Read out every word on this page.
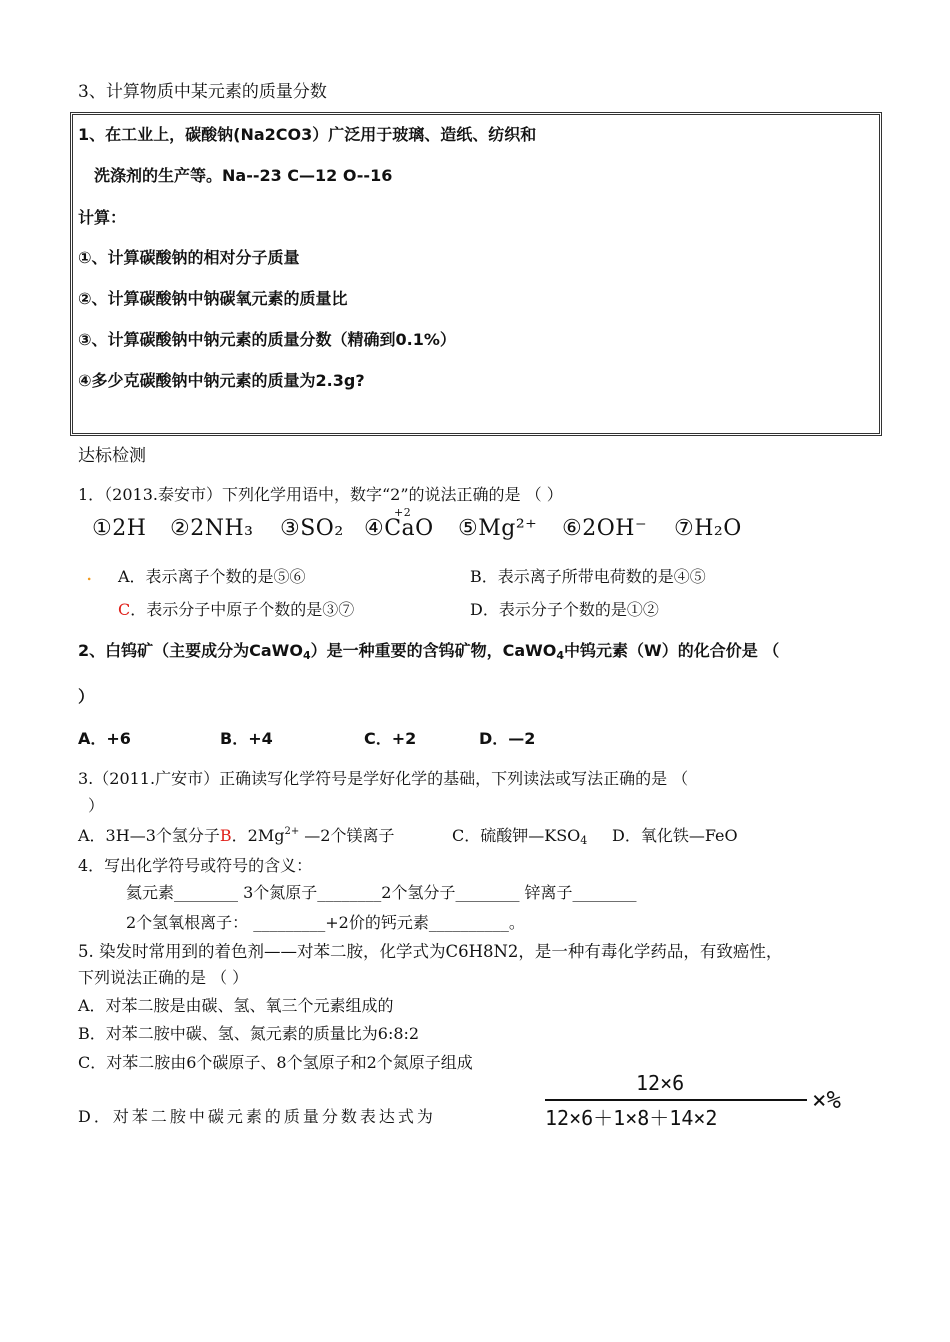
3、计算物质中某元素的质量分数
1、在工业上，碳酸钠(Na2CO3）广泛用于玻璃、造纸、纺织和
洗涤剂的生产等。Na--23 C—12 O--16
计算：
①、计算碳酸钠的相对分子质量
②、计算碳酸钠中钠碳氧元素的质量比
③、计算碳酸钠中钠元素的质量分数（精确到0.1%）
④多少克碳酸钠中钠元素的质量为2.3g?
达标检测
1．（2013.泰安市）下列化学用语中，数字“2”的说法正确的是 （ ）
①2H ②2NH₃ ③SO₂ ④CaO
+2
⑤Mg²⁺ ⑥2OH⁻ ⑦H₂O
. A．表示离子个数的是⑤⑥	B．表示离子所带电荷数的是④⑤
C．表示分子中原子个数的是③⑦	D．表示分子个数的是①②
2、白钨矿（主要成分为CaWO$_4$）是一种重要的含钨矿物，CaWO$_4$中钨元素（W）的化合价是 （
）
A．+6	B．+4	C．+2	D．—2
3.（2011.广安市）正确读写化学符号是学好化学的基础，下列读法或写法正确的是 （
）
A．3H—3个氢分子B．$2Mg^{2+}$ —2个镁离子	C．硫酸钾$—KSO_4$ D．氧化铁—FeO
4．写出化学符号或符号的含义：
氦元素________ 3个氮原子________2个氢分子________ 锌离子________
2个氢氧根离子： _________+2价的钙元素__________。
5. 染发时常用到的着色剂——对苯二胺，化学式为C6H8N2，是一种有毒化学药品，有致癌性，
下列说法正确的是 （ ）
A．对苯二胺是由碳、氢、氧三个元素组成的
B．对苯二胺中碳、氢、氮元素的质量比为6:8:2
C．对苯二胺由6个碳原子、8个氢原子和2个氮原子组成
D．对苯二胺中碳元素的质量分数表达式为
12×6
12×6＋1×8＋14×2
×%
